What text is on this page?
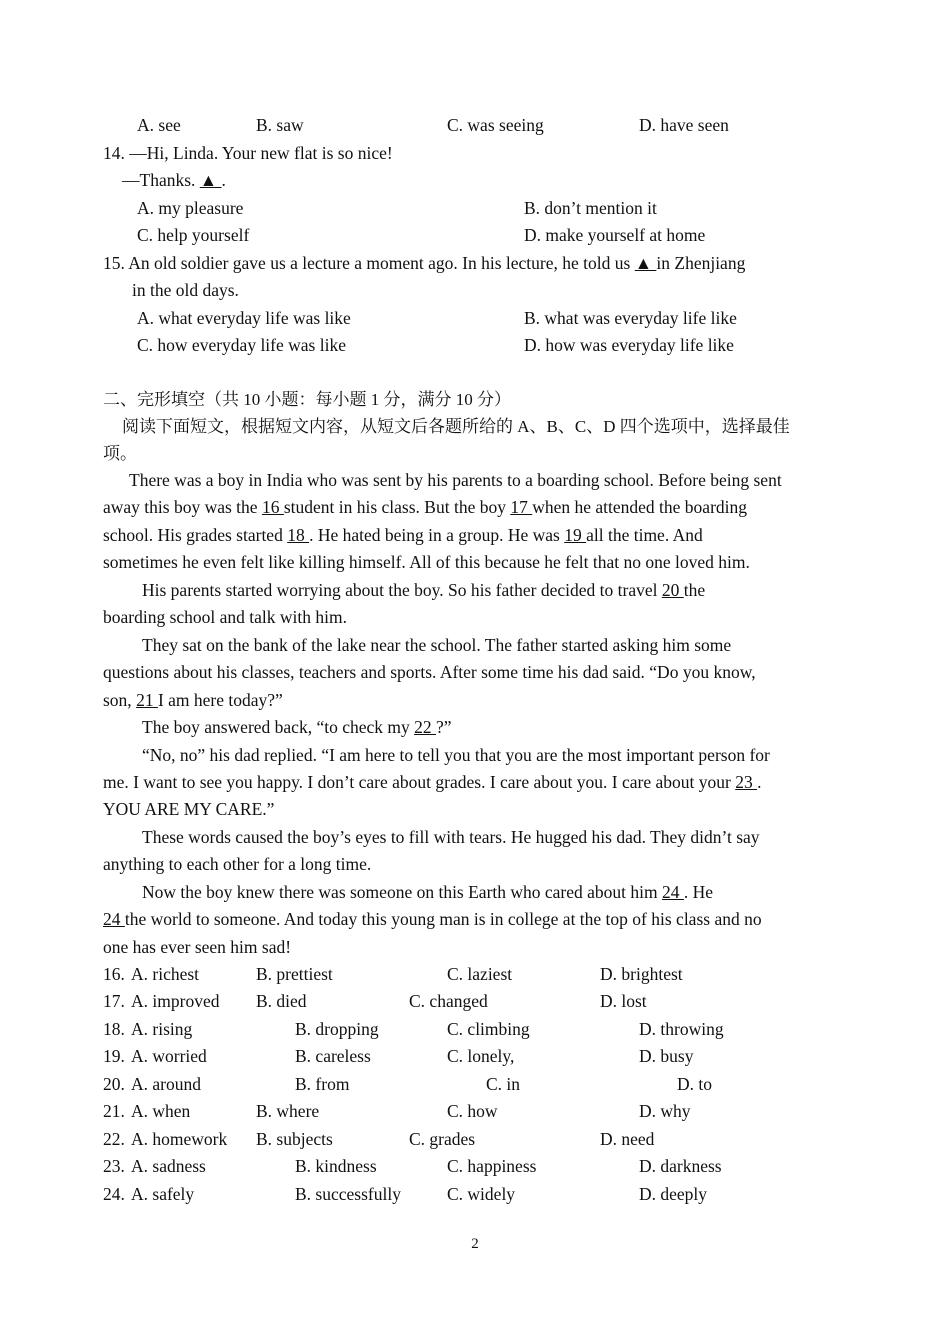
A. see	B. saw	C. was seeing	D. have seen
14. —Hi, Linda. Your new flat is so nice!
—Thanks. ▲ .
A. my pleasure	B. don’t mention it
C. help yourself	D. make yourself at home
15. An old soldier gave us a lecture a moment ago. In his lecture, he told us ▲ in Zhenjiang
in the old days.
A. what everyday life was like	B. what was everyday life like
C. how everyday life was like	D. how was everyday life like
二、完形填空（共 10 小题：每小题 1 分，满分 10 分）
阅读下面短文，根据短文内容，从短文后各题所给的 A、B、C、D 四个选项中，选择最佳
项。
There was a boy in India who was sent by his parents to a boarding school. Before being sent
away this boy was the 16 student in his class. But the boy 17 when he attended the boarding
school. His grades started 18 . He hated being in a group. He was 19 all the time. And
sometimes he even felt like killing himself. All of this because he felt that no one loved him.
His parents started worrying about the boy. So his father decided to travel 20 the
boarding school and talk with him.
They sat on the bank of the lake near the school. The father started asking him some
questions about his classes, teachers and sports. After some time his dad said. “Do you know,
son, 21 I am here today?”
The boy answered back, “to check my 22 ?”
“No, no” his dad replied. “I am here to tell you that you are the most important person for
me. I want to see you happy. I don’t care about grades. I care about you. I care about your 23 .
YOU ARE MY CARE.”
These words caused the boy’s eyes to fill with tears. He hugged his dad. They didn’t say
anything to each other for a long time.
Now the boy knew there was someone on this Earth who cared about him 24 . He
24 the world to someone. And today this young man is in college at the top of his class and no
one has ever seen him sad!
16. A. richest	B. prettiest	C. laziest	D. brightest
17. A. improved B. died	C. changed	D. lost
18. A. rising	B. dropping	C. climbing	D. throwing
19. A. worried	B. careless	C. lonely,	D. busy
20. A. around	B. from	C. in	D. to
21. A. when	B. where	C. how	D. why
22. A. homework B. subjects	C. grades	D. need
23. A. sadness	B. kindness	C. happiness	D. darkness
24. A. safely	B. successfully	C. widely	D. deeply
2
